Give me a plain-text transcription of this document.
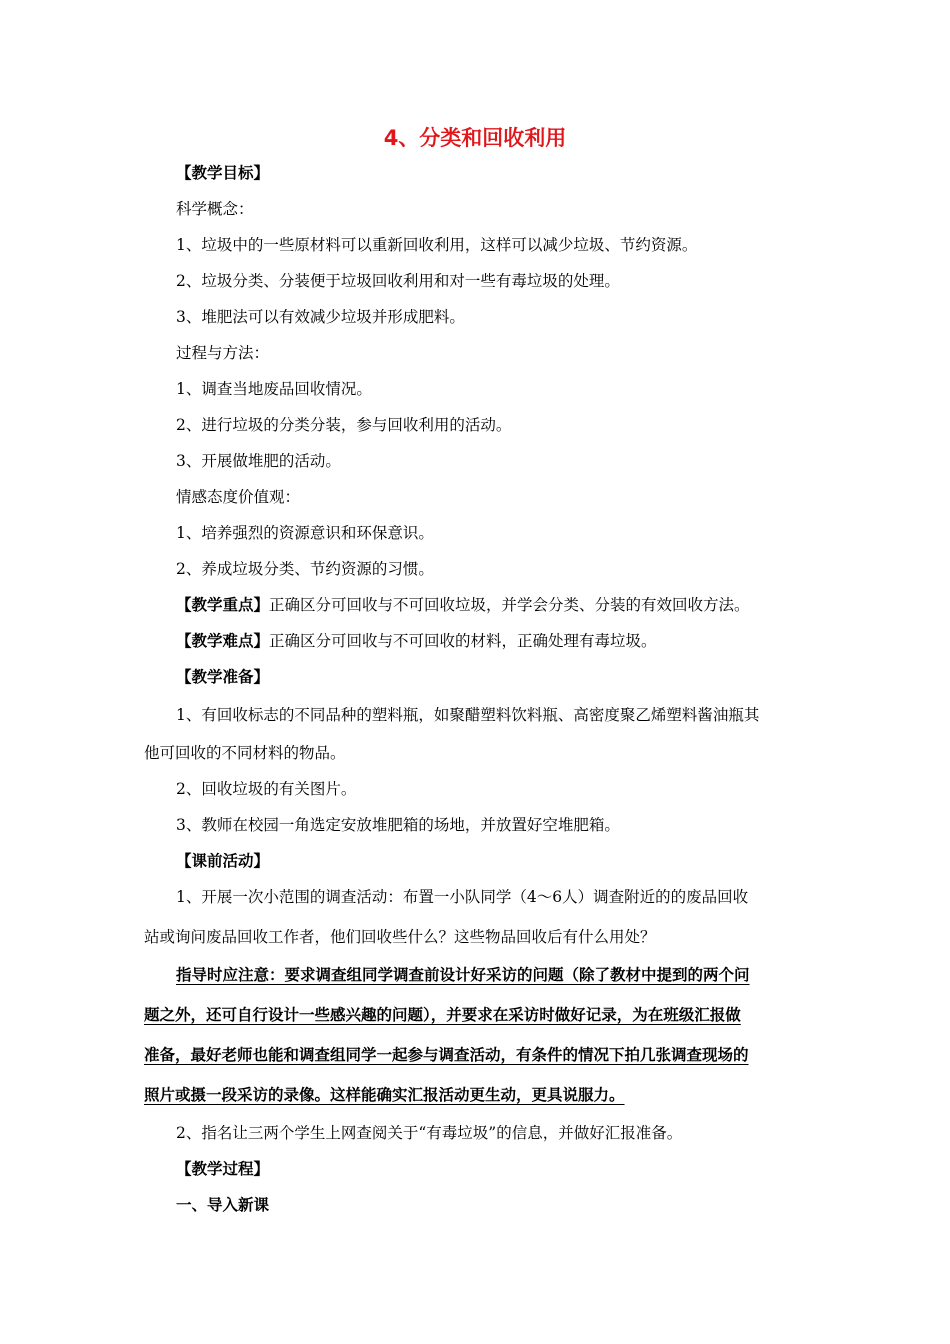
4、分类和回收利用
【教学目标】
科学概念：
1、垃圾中的一些原材料可以重新回收利用，这样可以减少垃圾、节约资源。
2、垃圾分类、分装便于垃圾回收利用和对一些有毒垃圾的处理。
3、堆肥法可以有效减少垃圾并形成肥料。
过程与方法：
1、调查当地废品回收情况。
2、进行垃圾的分类分装，参与回收利用的活动。
3、开展做堆肥的活动。
情感态度价值观：
1、培养强烈的资源意识和环保意识。
2、养成垃圾分类、节约资源的习惯。
【教学重点】正确区分可回收与不可回收垃圾，并学会分类、分装的有效回收方法。
【教学难点】正确区分可回收与不可回收的材料，正确处理有毒垃圾。
【教学准备】
1、有回收标志的不同品种的塑料瓶，如聚醋塑料饮料瓶、高密度聚乙烯塑料酱油瓶其
他可回收的不同材料的物品。
2、回收垃圾的有关图片。
3、教师在校园一角选定安放堆肥箱的场地，并放置好空堆肥箱。
【课前活动】
1、开展一次小范围的调查活动：布置一小队同学（4～6人）调查附近的的废品回收
站或询问废品回收工作者，他们回收些什么？这些物品回收后有什么用处？
指导时应注意：要求调查组同学调查前设计好采访的问题（除了教材中提到的两个问
题之外，还可自行设计一些感兴趣的问题），并要求在采访时做好记录，为在班级汇报做
准备，最好老师也能和调查组同学一起参与调查活动，有条件的情况下拍几张调查现场的
照片或摄一段采访的录像。这样能确实汇报活动更生动，更具说服力。
2、指名让三两个学生上网查阅关于“有毒垃圾”的信息，并做好汇报准备。
【教学过程】
一、导入新课
